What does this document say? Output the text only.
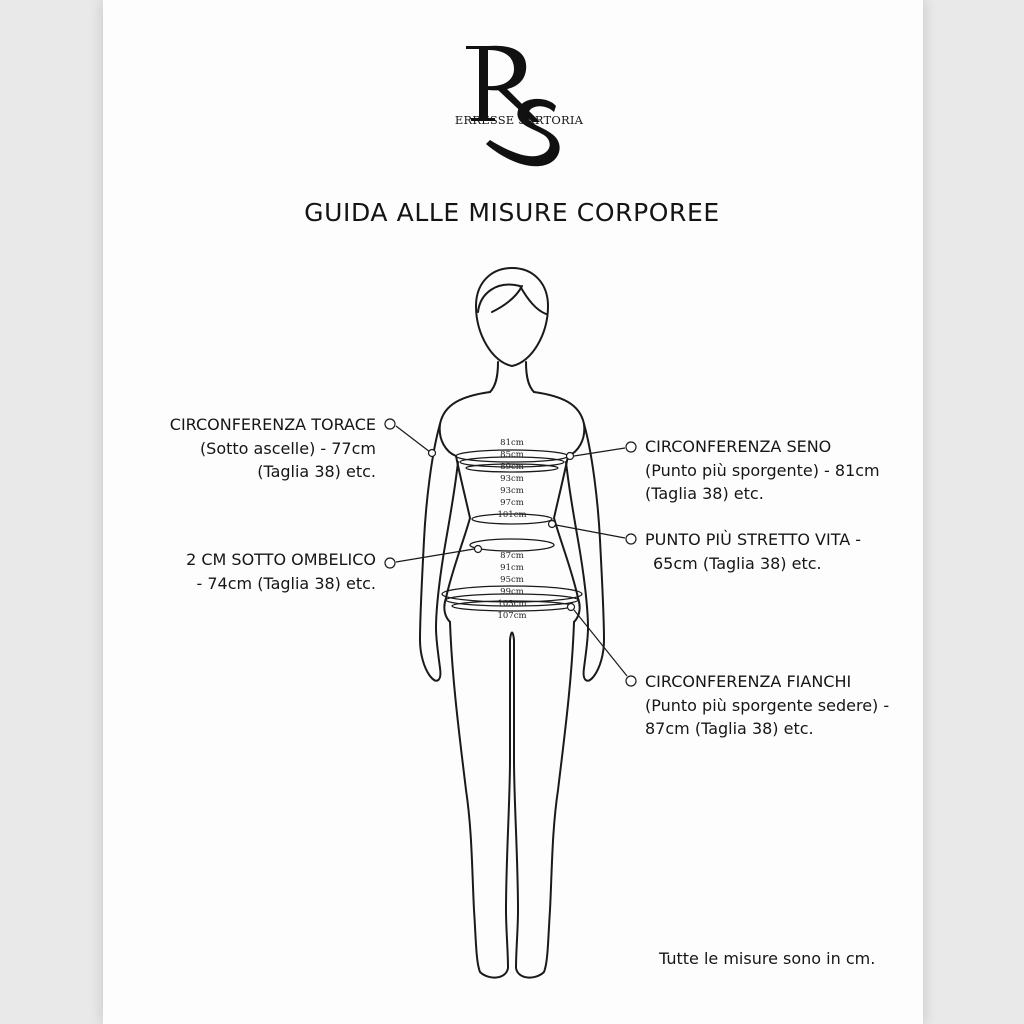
ERRESSE SARTORIA
GUIDA ALLE MISURE CORPOREE
81cm
85cm
89cm
93cm
93cm
97cm
101cm
87cm
91cm
95cm
99cm
103cm
107cm
CIRCONFERENZA TORACE
(Sotto ascelle) - 77cm
(Taglia 38) etc.
CIRCONFERENZA SENO
(Punto più sporgente) - 81cm
(Taglia 38) etc.
2 CM SOTTO OMBELICO
- 74cm (Taglia 38) etc.
PUNTO PIÙ STRETTO VITA -
65cm (Taglia 38) etc.
CIRCONFERENZA FIANCHI
(Punto più sporgente sedere) -
87cm (Taglia 38) etc.
Tutte le misure sono in cm.
